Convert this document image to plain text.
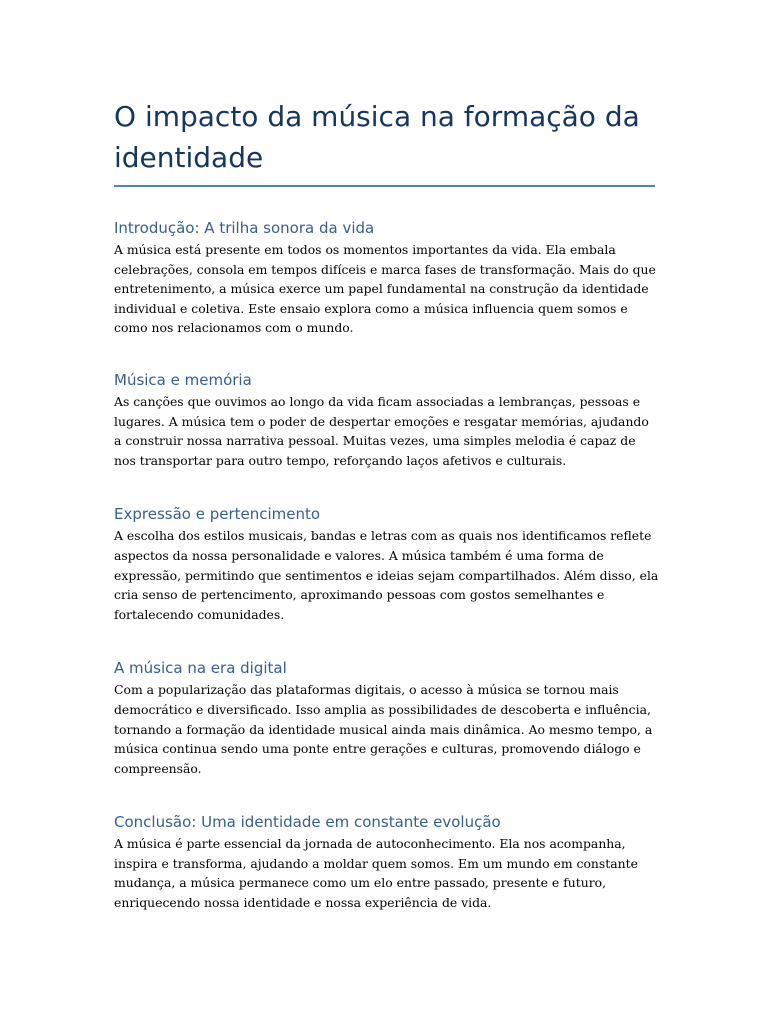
O impacto da música na formação da identidade
Introdução: A trilha sonora da vida

A música está presente em todos os momentos importantes da vida. Ela embala celebrações, consola em tempos difíceis e marca fases de transformação. Mais do que entretenimento, a música exerce um papel fundamental na construção da identidade individual e coletiva. Este ensaio explora como a música influencia quem somos e como nos relacionamos com o mundo.

Música e memória

As canções que ouvimos ao longo da vida ficam associadas a lembranças, pessoas e lugares. A música tem o poder de despertar emoções e resgatar memórias, ajudando a construir nossa narrativa pessoal. Muitas vezes, uma simples melodia é capaz de nos transportar para outro tempo, reforçando laços afetivos e culturais.

Expressão e pertencimento

A escolha dos estilos musicais, bandas e letras com as quais nos identificamos reflete aspectos da nossa personalidade e valores. A música também é uma forma de expressão, permitindo que sentimentos e ideias sejam compartilhados. Além disso, ela cria senso de pertencimento, aproximando pessoas com gostos semelhantes e fortalecendo comunidades.

A música na era digital

Com a popularização das plataformas digitais, o acesso à música se tornou mais democrático e diversificado. Isso amplia as possibilidades de descoberta e influência, tornando a formação da identidade musical ainda mais dinâmica. Ao mesmo tempo, a música continua sendo uma ponte entre gerações e culturas, promovendo diálogo e compreensão.

Conclusão: Uma identidade em constante evolução

A música é parte essencial da jornada de autoconhecimento. Ela nos acompanha, inspira e transforma, ajudando a moldar quem somos. Em um mundo em constante mudança, a música permanece como um elo entre passado, presente e futuro, enriquecendo nossa identidade e nossa experiência de vida.
